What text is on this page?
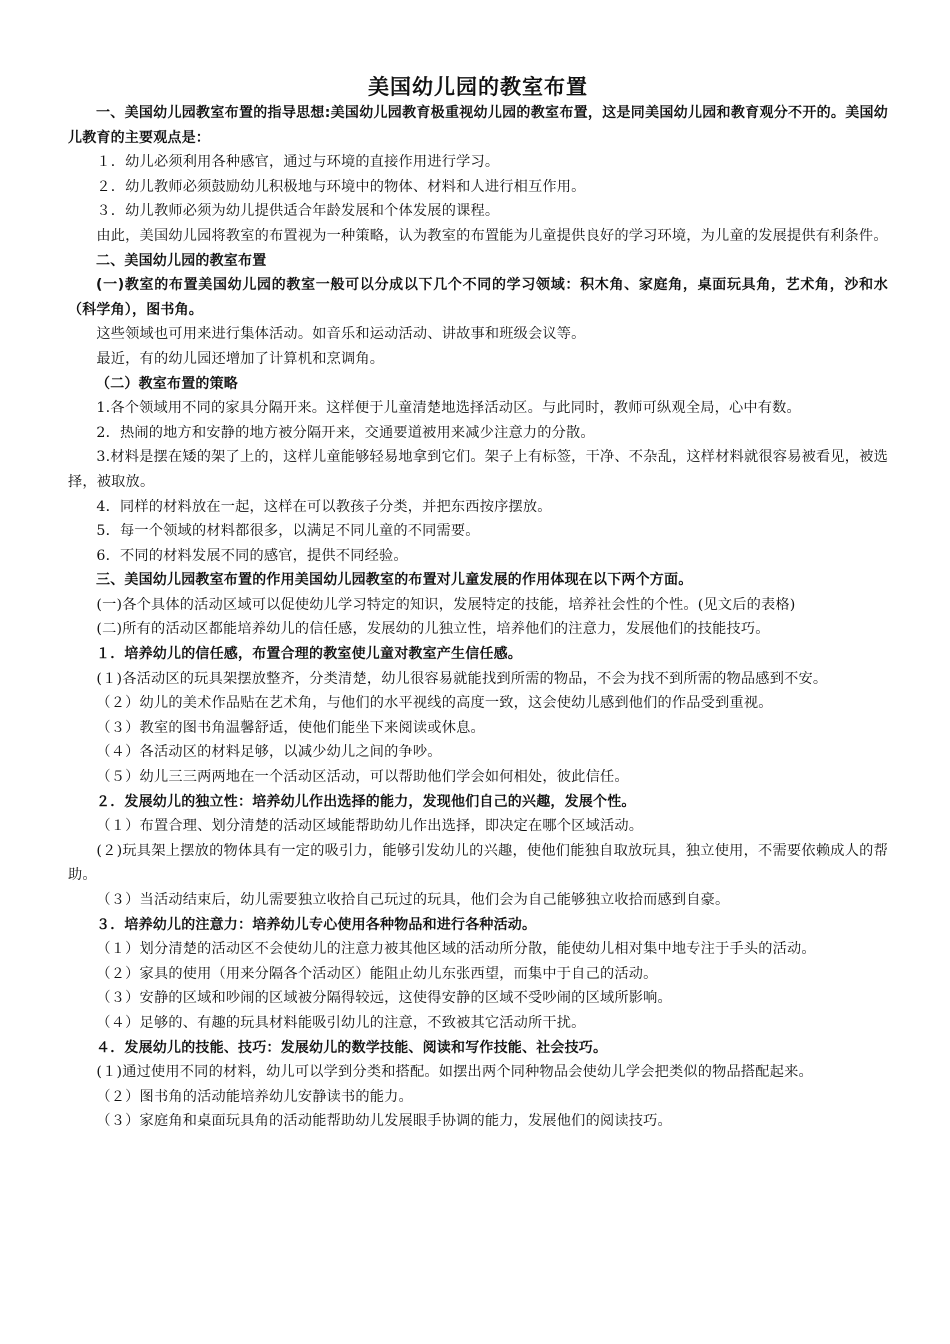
美国幼儿园的教室布置

一、美国幼儿园教室布置的指导思想:美国幼儿园教育极重视幼儿园的教室布置，这是同美国幼儿园和教育观分不开的。美国幼儿教育的主要观点是：

１．幼儿必须利用各种感官，通过与环境的直接作用进行学习。

２．幼儿教师必须鼓励幼儿积极地与环境中的物体、材料和人进行相互作用。

３．幼儿教师必须为幼儿提供适合年龄发展和个体发展的课程。

由此，美国幼儿园将教室的布置视为一种策略，认为教室的布置能为儿童提供良好的学习环境，为儿童的发展提供有利条件。

二、美国幼儿园的教室布置

(一)教室的布置美国幼儿园的教室一般可以分成以下几个不同的学习领域：积木角、家庭角，桌面玩具角，艺术角，沙和水（科学角），图书角。

这些领域也可用来进行集体活动。如音乐和运动活动、讲故事和班级会议等。

最近，有的幼儿园还增加了计算机和烹调角。

（二）教室布置的策略

1.各个领域用不同的家具分隔开来。这样便于儿童清楚地选择活动区。与此同时，教师可纵观全局，心中有数。

2．热闹的地方和安静的地方被分隔开来，交通要道被用来减少注意力的分散。

3.材料是摆在矮的架了上的，这样儿童能够轻易地拿到它们。架子上有标签，干净、不杂乱，这样材料就很容易被看见，被选择，被取放。

4．同样的材料放在一起，这样在可以教孩子分类，并把东西按序摆放。

5．每一个领域的材料都很多，以满足不同儿童的不同需要。

6．不同的材料发展不同的感官，提供不同经验。

三、美国幼儿园教室布置的作用美国幼儿园教室的布置对儿童发展的作用体现在以下两个方面。

(一)各个具体的活动区域可以促使幼儿学习特定的知识，发展特定的技能，培养社会性的个性。(见文后的表格)

(二)所有的活动区都能培养幼儿的信任感，发展幼的儿独立性，培养他们的注意力，发展他们的技能技巧。

１．培养幼儿的信任感，布置合理的教室使儿童对教室产生信任感。

(１)各活动区的玩具架摆放整齐，分类清楚，幼儿很容易就能找到所需的物品，不会为找不到所需的物品感到不安。

（２）幼儿的美术作品贴在艺术角，与他们的水平视线的高度一致，这会使幼儿感到他们的作品受到重视。

（３）教室的图书角温馨舒适，使他们能坐下来阅读或休息。

（４）各活动区的材料足够，以减少幼儿之间的争吵。

（５）幼儿三三两两地在一个活动区活动，可以帮助他们学会如何相处，彼此信任。

２．发展幼儿的独立性：培养幼儿作出选择的能力，发现他们自己的兴趣，发展个性。

（１）布置合理、划分清楚的活动区域能帮助幼儿作出选择，即决定在哪个区域活动。

(２)玩具架上摆放的物体具有一定的吸引力，能够引发幼儿的兴趣，使他们能独自取放玩具，独立使用，不需要依赖成人的帮助。

（３）当活动结束后，幼儿需要独立收拾自己玩过的玩具，他们会为自己能够独立收拾而感到自豪。

３．培养幼儿的注意力：培养幼儿专心使用各种物品和进行各种活动。

（１）划分清楚的活动区不会使幼儿的注意力被其他区域的活动所分散，能使幼儿相对集中地专注于手头的活动。

（２）家具的使用（用来分隔各个活动区）能阻止幼儿东张西望，而集中于自己的活动。

（３）安静的区域和吵闹的区域被分隔得较远，这使得安静的区域不受吵闹的区域所影响。

（４）足够的、有趣的玩具材料能吸引幼儿的注意，不致被其它活动所干扰。

４．发展幼儿的技能、技巧：发展幼儿的数学技能、阅读和写作技能、社会技巧。

(１)通过使用不同的材料，幼儿可以学到分类和搭配。如摆出两个同种物品会使幼儿学会把类似的物品搭配起来。

（２）图书角的活动能培养幼儿安静读书的能力。

（３）家庭角和桌面玩具角的活动能帮助幼儿发展眼手协调的能力，发展他们的阅读技巧。
